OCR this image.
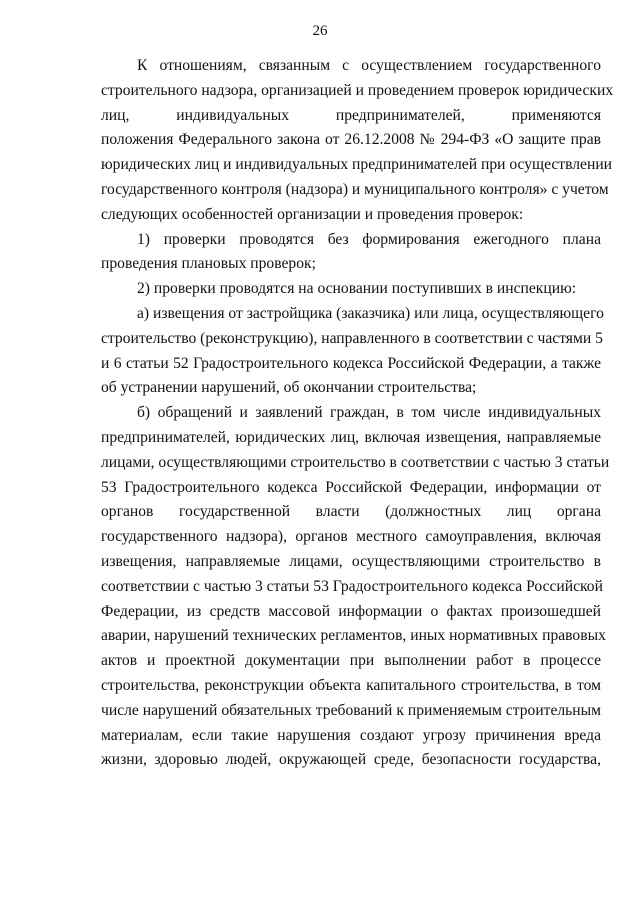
26
К отношениям, связанным с осуществлением государственного
строительного надзора, организацией и проведением проверок юридических
лиц, индивидуальных предпринимателей, применяются
положения Федерального закона от 26.12.2008 № 294-ФЗ «О защите прав
юридических лиц и индивидуальных предпринимателей при осуществлении
государственного контроля (надзора) и муниципального контроля» с учетом
следующих особенностей организации и проведения проверок:
1) проверки проводятся без формирования ежегодного плана
проведения плановых проверок;
2) проверки проводятся на основании поступивших в инспекцию:
а) извещения от застройщика (заказчика) или лица, осуществляющего
строительство (реконструкцию), направленного в соответствии с частями 5
и 6 статьи 52 Градостроительного кодекса Российской Федерации, а также
об устранении нарушений, об окончании строительства;
б) обращений и заявлений граждан, в том числе индивидуальных
предпринимателей, юридических лиц, включая извещения, направляемые
лицами, осуществляющими строительство в соответствии с частью 3 статьи
53 Градостроительного кодекса Российской Федерации, информации от
органов государственной власти (должностных лиц органа
государственного надзора), органов местного самоуправления, включая
извещения, направляемые лицами, осуществляющими строительство в
соответствии с частью 3 статьи 53 Градостроительного кодекса Российской
Федерации, из средств массовой информации о фактах произошедшей
аварии, нарушений технических регламентов, иных нормативных правовых
актов и проектной документации при выполнении работ в процессе
строительства, реконструкции объекта капитального строительства, в том
числе нарушений обязательных требований к применяемым строительным
материалам, если такие нарушения создают угрозу причинения вреда
жизни, здоровью людей, окружающей среде, безопасности государства,
